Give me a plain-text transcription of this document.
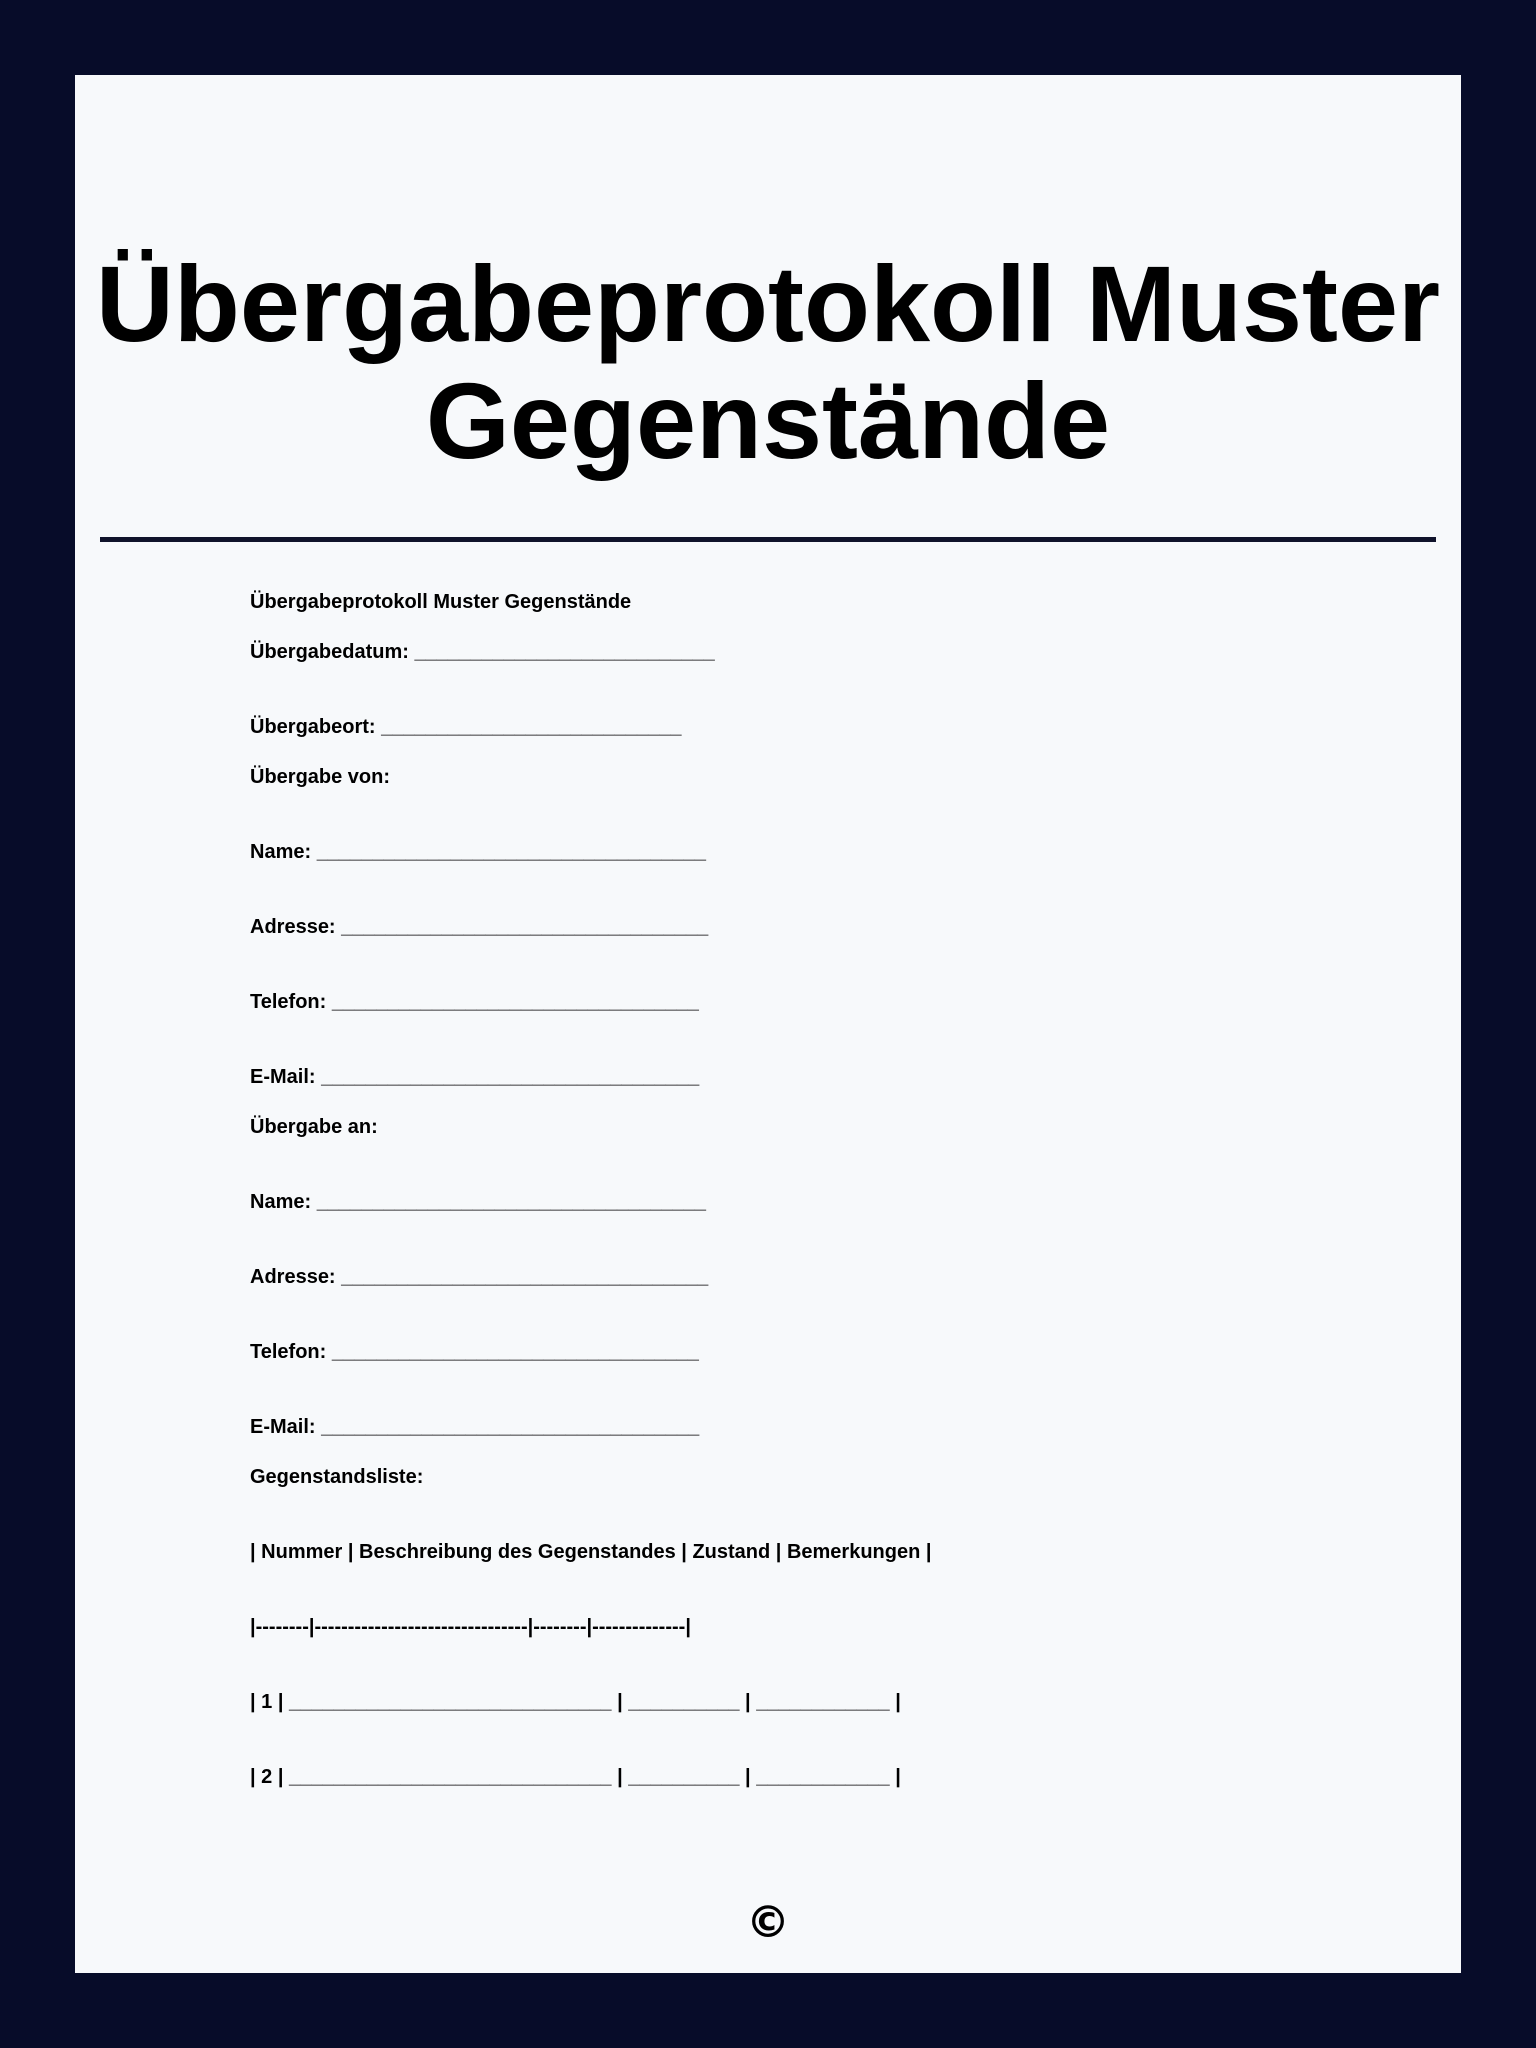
Übergabeprotokoll Muster Gegenstände
Übergabeprotokoll Muster Gegenstände
Übergabedatum: ___________________________
Übergabeort: ___________________________
Übergabe von:
Name: ___________________________________
Adresse: _________________________________
Telefon: _________________________________
E-Mail: __________________________________
Übergabe an:
Name: ___________________________________
Adresse: _________________________________
Telefon: _________________________________
E-Mail: __________________________________
Gegenstandsliste:
| Nummer | Beschreibung des Gegenstandes | Zustand | Bemerkungen |
|--------|--------------------------------|--------|--------------|
| 1 | _____________________________ | __________ | ____________ |
| 2 | _____________________________ | __________ | ____________ |
©
